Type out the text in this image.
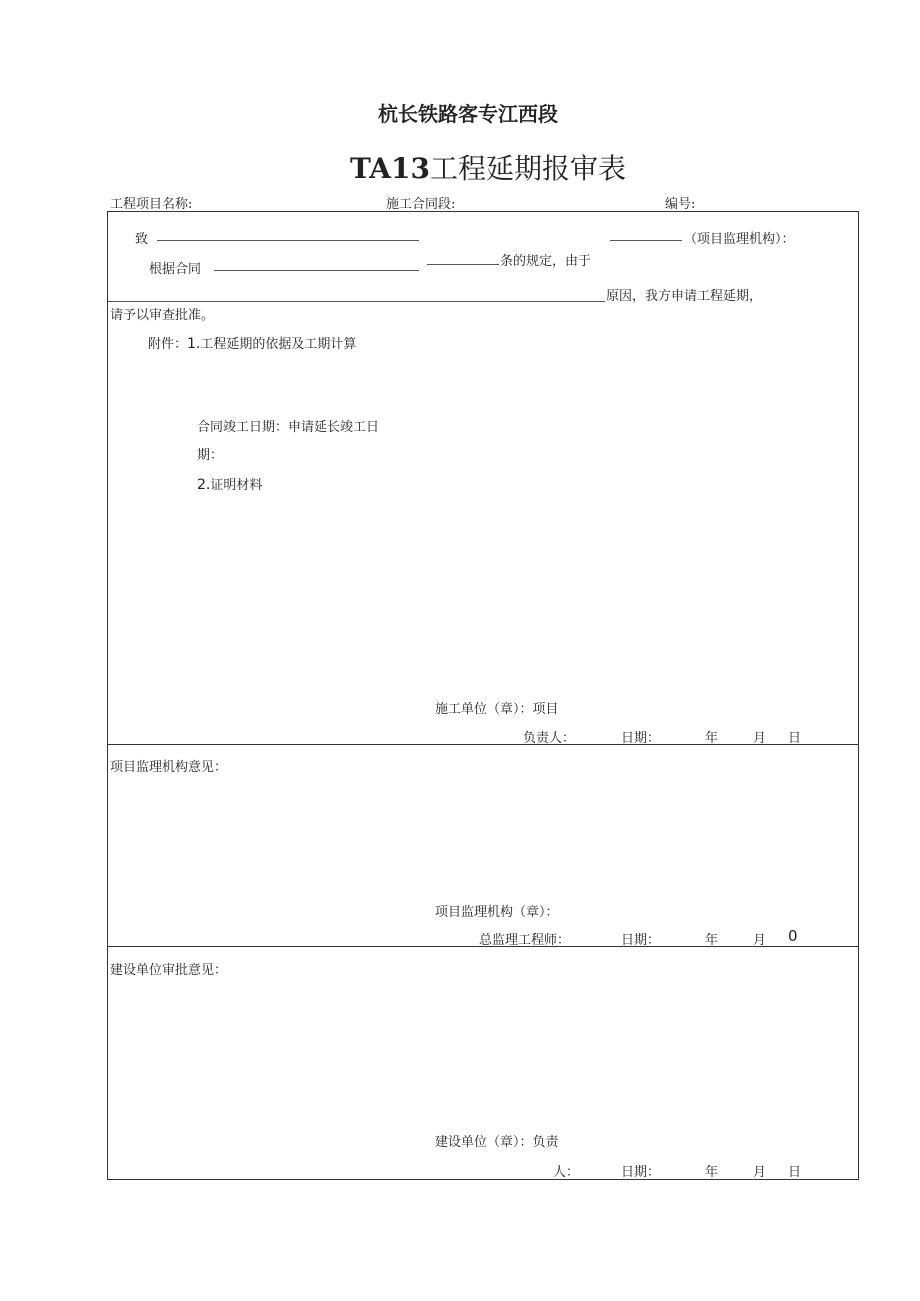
杭长铁路客专江西段
TA13工程延期报审表
工程项目名称:	施工合同段:	编号:
致	（项目监理机构）：
根据合同
条的规定，由于
原因，我方申请工程延期，
请予以审查批准。
附件：1.工程延期的依据及工期计算
合同竣工日期：申请延长竣工日
期：
2.证明材料
施工单位（章）：项目
负责人：	日期：	年	月 日
项目监理机构意见：
项目监理机构（章）：
总监理工程师：	日期：	年	月 0
建设单位审批意见：
建设单位（章）：负责
人：	日期：	年	月 日
